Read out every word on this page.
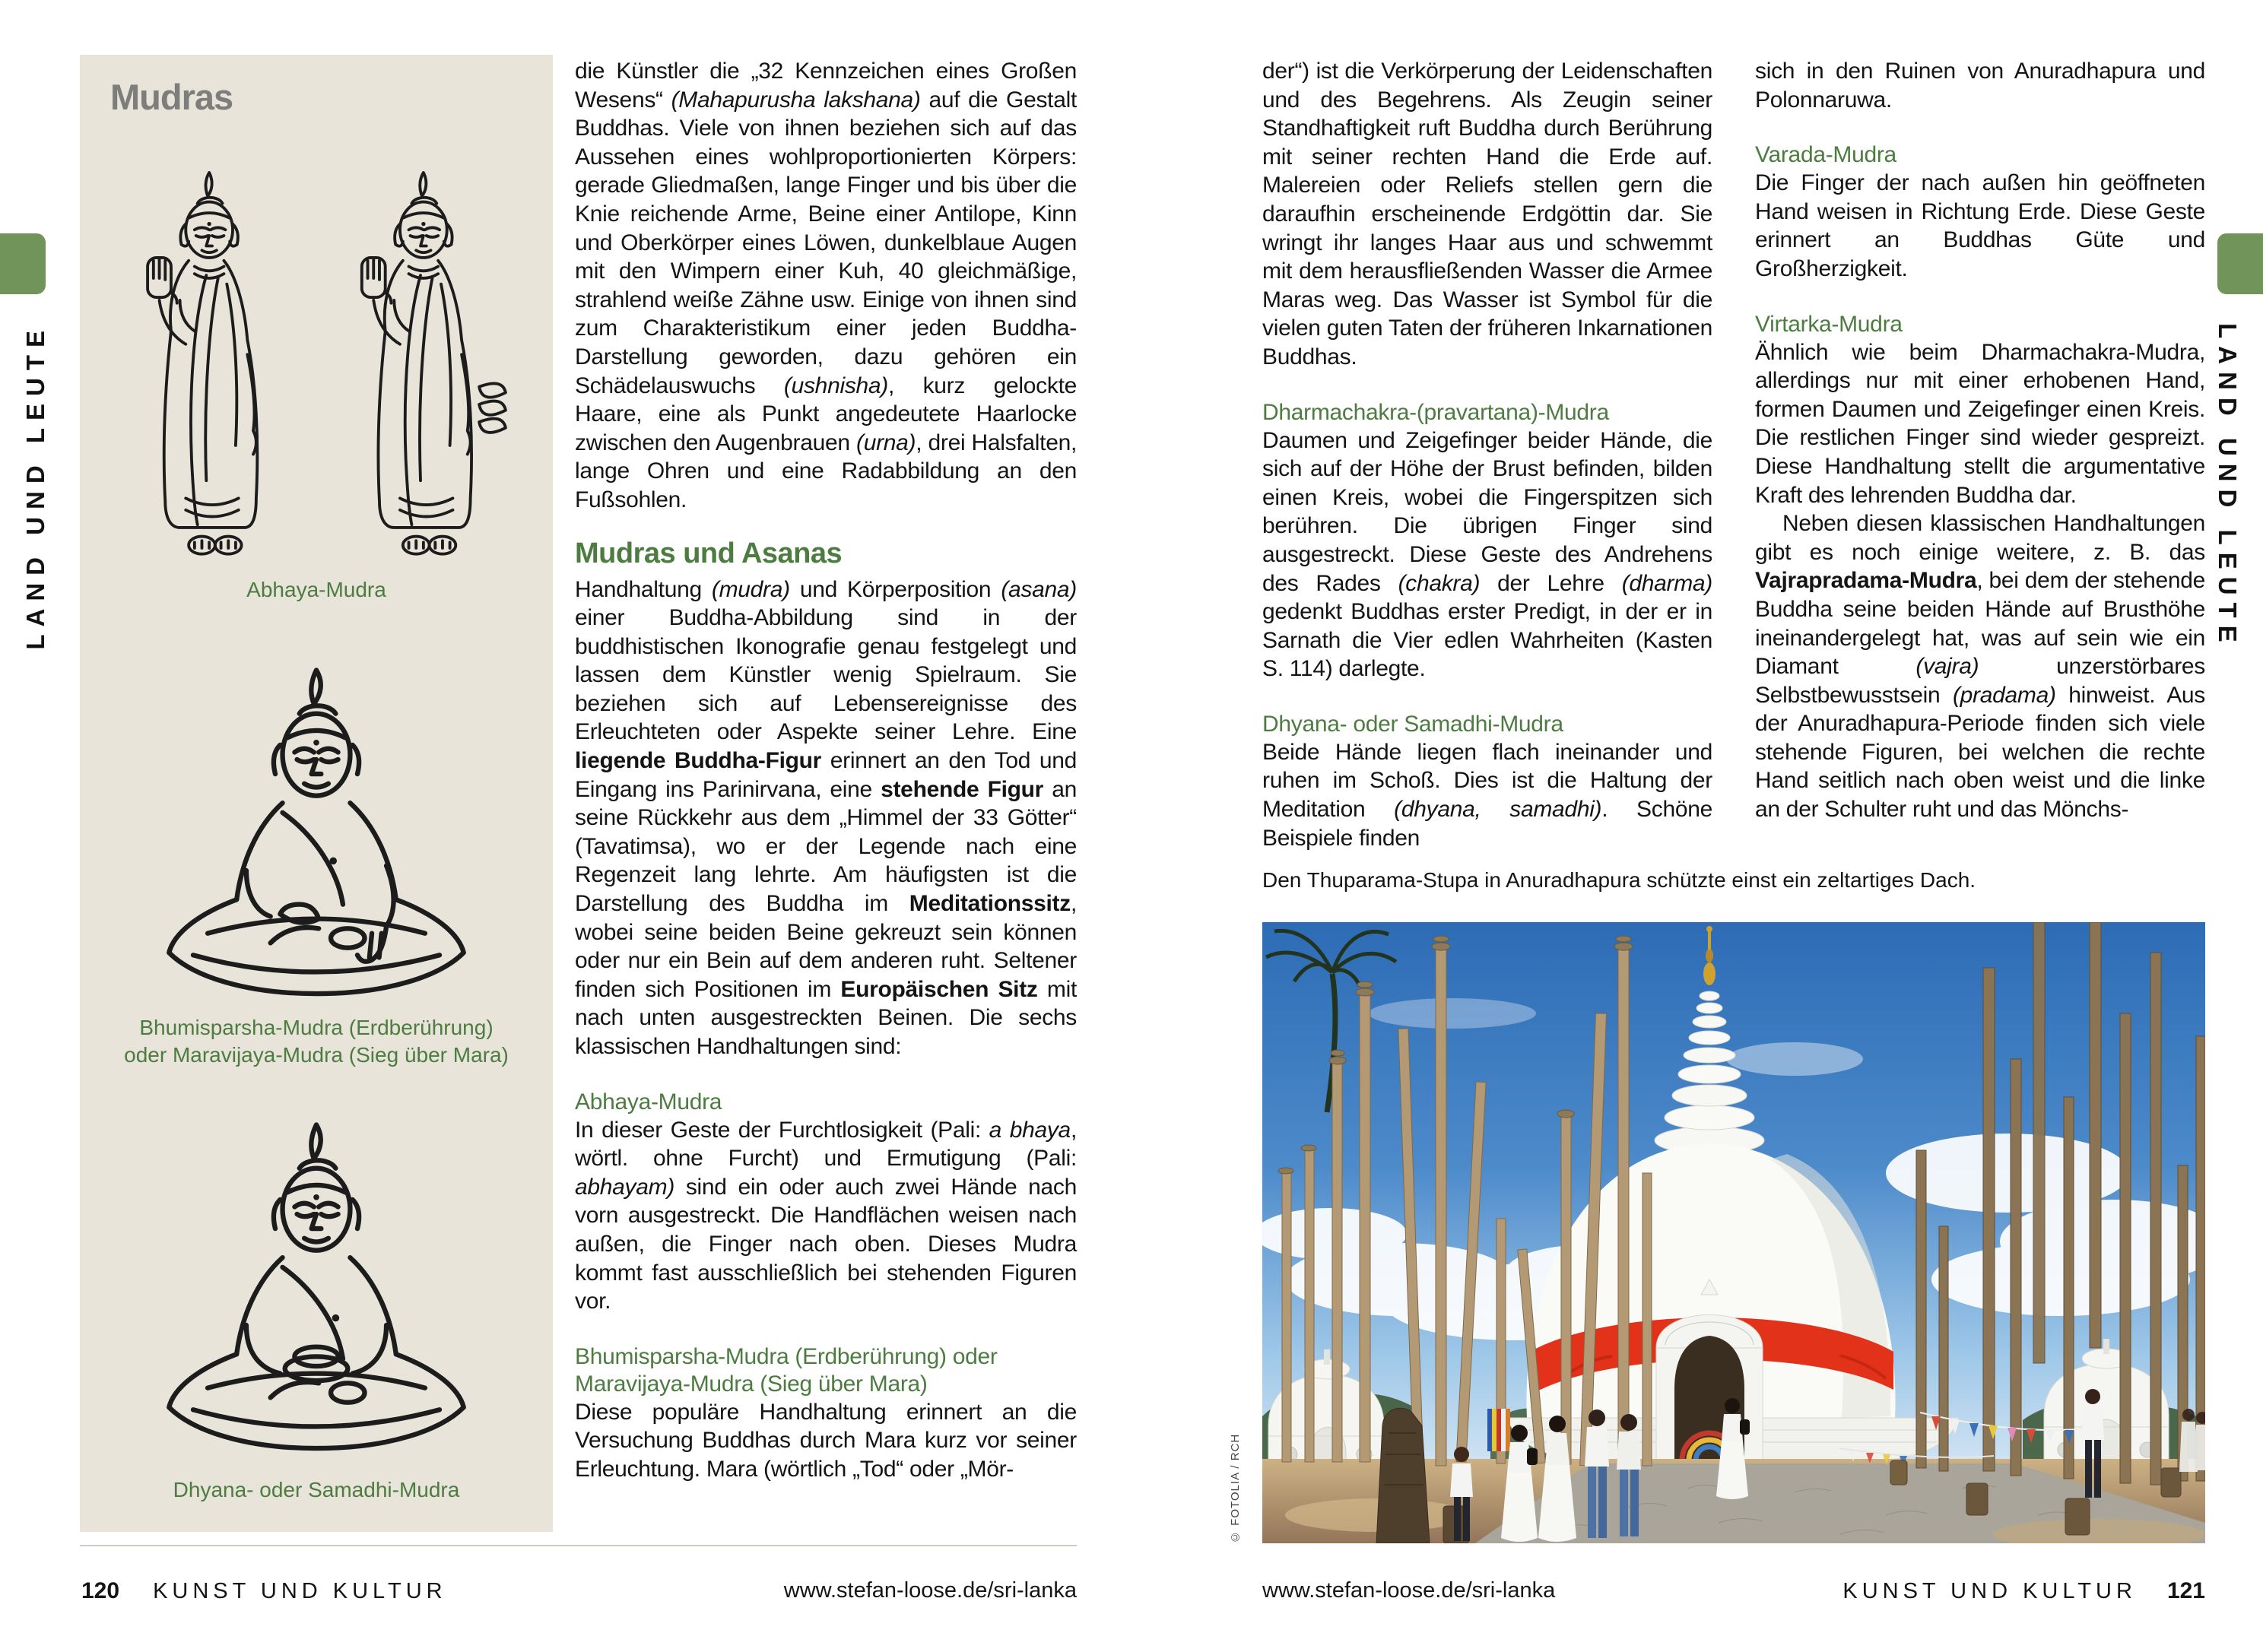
LAND UND LEUTE
Mudras
Abhaya-Mudra
Bhumisparsha-Mudra (Erdberührung)
oder Maravijaya-Mudra (Sieg über Mara)
Dhyana- oder Samadhi-Mudra

die Künstler die „32 Kennzeichen eines Großen Wesens“ (Mahapurusha lakshana) auf die Gestalt Buddhas. Viele von ihnen beziehen sich auf das Aussehen eines wohlproportionierten Körpers: gerade Gliedmaßen, lange Finger und bis über die Knie reichende Arme, Beine einer Antilope, Kinn und Oberkörper eines Löwen, dunkelblaue Augen mit den Wimpern einer Kuh, 40 gleichmäßige, strahlend weiße Zähne usw. Einige von ihnen sind zum Charakteristikum einer jeden Buddha-Darstellung geworden, dazu gehören ein Schädelauswuchs (ushnisha), kurz gelockte Haare, eine als Punkt angedeutete Haarlocke zwischen den Augenbrauen (urna), drei Halsfalten, lange Ohren und eine Radabbildung an den Fußsohlen.

Mudras und Asanas

Handhaltung (mudra) und Körperposition (asana) einer Buddha-Abbildung sind in der buddhistischen Ikonografie genau festgelegt und lassen dem Künstler wenig Spielraum. Sie beziehen sich auf Lebensereignisse des Erleuchteten oder Aspekte seiner Lehre. Eine liegende Buddha-Figur erinnert an den Tod und Eingang ins Parinirvana, eine stehende Figur an seine Rückkehr aus dem „Himmel der 33 Götter“ (Tavatimsa), wo er der Legende nach eine Regenzeit lang lehrte. Am häufigsten ist die Darstellung des Buddha im Meditationssitz, wobei seine beiden Beine gekreuzt sein können oder nur ein Bein auf dem anderen ruht. Seltener finden sich Positionen im Europäischen Sitz mit nach unten ausgestreckten Beinen. Die sechs klassischen Handhaltungen sind:

Abhaya-Mudra

In dieser Geste der Furchtlosigkeit (Pali: a bhaya, wörtl. ohne Furcht) und Ermutigung (Pali: abhayam) sind ein oder auch zwei Hände nach vorn ausgestreckt. Die Handflächen weisen nach außen, die Finger nach oben. Dieses Mudra kommt fast ausschließlich bei stehenden Figuren vor.

Bhumisparsha-Mudra (Erdberührung) oder Maravijaya-Mudra (Sieg über Mara)

Diese populäre Handhaltung erinnert an die Versuchung Buddhas durch Mara kurz vor seiner Erleuchtung. Mara (wörtlich „Tod“ oder „Mör-

der“) ist die Verkörperung der Leidenschaften und des Begehrens. Als Zeugin seiner Standhaftigkeit ruft Buddha durch Berührung mit seiner rechten Hand die Erde auf. Malereien oder Reliefs stellen gern die daraufhin erscheinende Erdgöttin dar. Sie wringt ihr langes Haar aus und schwemmt mit dem herausfließenden Wasser die Armee Maras weg. Das Wasser ist Symbol für die vielen guten Taten der früheren Inkarnationen Buddhas.

Dharmachakra-(pravartana)-Mudra

Daumen und Zeigefinger beider Hände, die sich auf der Höhe der Brust befinden, bilden einen Kreis, wobei die Fingerspitzen sich berühren. Die übrigen Finger sind ausgestreckt. Diese Geste des Andrehens des Rades (chakra) der Lehre (dharma) gedenkt Buddhas erster Predigt, in der er in Sarnath die Vier edlen Wahrheiten (Kasten S. 114) darlegte.

Dhyana- oder Samadhi-Mudra

Beide Hände liegen flach ineinander und ruhen im Schoß. Dies ist die Haltung der Meditation (dhyana, samadhi). Schöne Beispiele finden

sich in den Ruinen von Anuradhapura und Polonnaruwa.

Varada-Mudra

Die Finger der nach außen hin geöffneten Hand weisen in Richtung Erde. Diese Geste erinnert an Buddhas Güte und Großherzigkeit.

Virtarka-Mudra

Ähnlich wie beim Dharmachakra-Mudra, allerdings nur mit einer erhobenen Hand, formen Daumen und Zeigefinger einen Kreis. Die restlichen Finger sind wieder gespreizt. Diese Handhaltung stellt die argumentative Kraft des lehrenden Buddha dar.

Neben diesen klassischen Handhaltungen gibt es noch einige weitere, z. B. das Vajrapradama-Mudra, bei dem der stehende Buddha seine beiden Hände auf Brusthöhe ineinandergelegt hat, was auf sein wie ein Diamant (vajra) unzerstörbares Selbstbewusstsein (pradama) hinweist. Aus der Anuradhapura-Periode finden sich viele stehende Figuren, bei welchen die rechte Hand seitlich nach oben weist und die linke an der Schulter ruht und das Mönchs-

Den Thuparama-Stupa in Anuradhapura schützte einst ein zeltartiges Dach.
© FOTOLIA / RCH
120 KUNST UND KULTUR	www.stefan-loose.de/sri-lanka	www.stefan-loose.de/sri-lanka	KUNST UND KULTUR 121
LAND UND LEUTE
